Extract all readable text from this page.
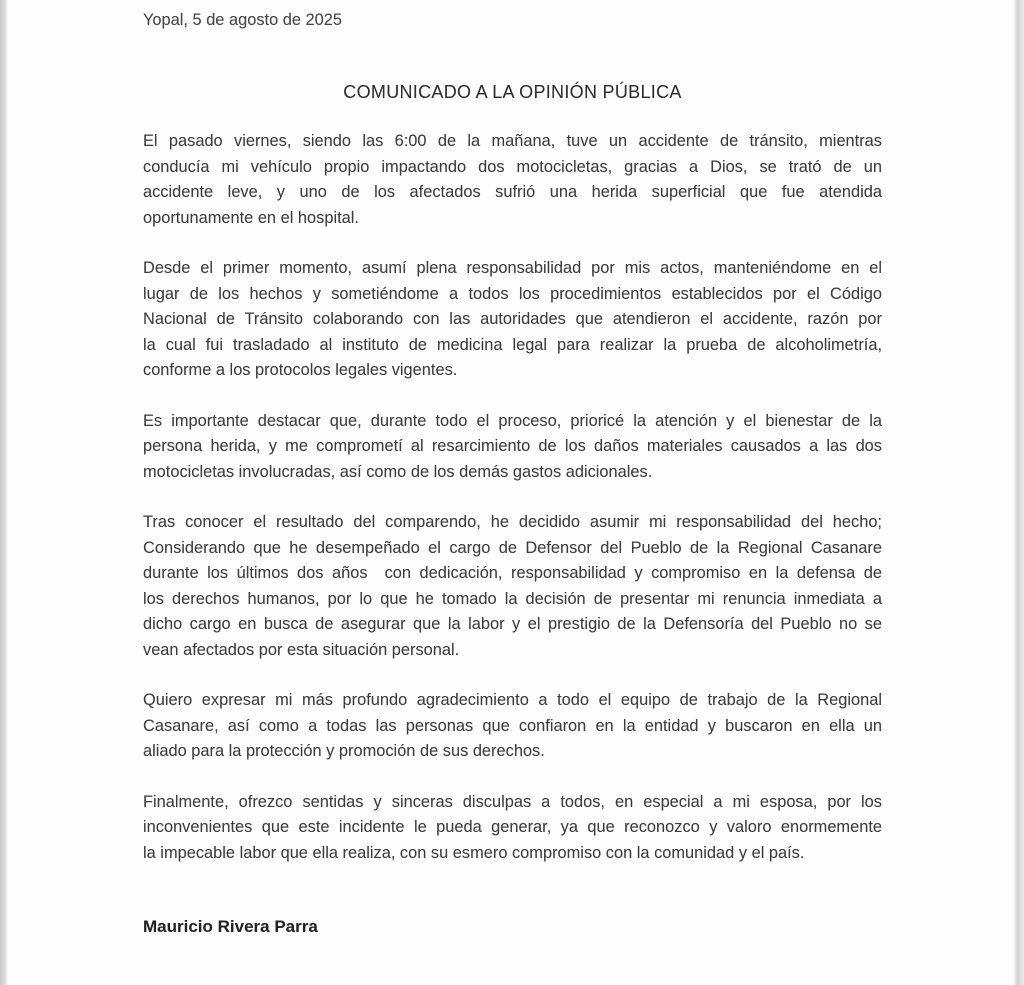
Yopal, 5 de agosto de 2025
COMUNICADO A LA OPINIÓN PÚBLICA
El pasado viernes, siendo las 6:00 de la mañana, tuve un accidente de tránsito, mientras
conducía mi vehículo propio impactando dos motocicletas, gracias a Dios, se trató de un
accidente leve, y uno de los afectados sufrió una herida superficial que fue atendida
oportunamente en el hospital.
Desde el primer momento, asumí plena responsabilidad por mis actos, manteniéndome en el
lugar de los hechos y sometiéndome a todos los procedimientos establecidos por el Código
Nacional de Tránsito colaborando con las autoridades que atendieron el accidente, razón por
la cual fui trasladado al instituto de medicina legal para realizar la prueba de alcoholimetría,
conforme a los protocolos legales vigentes.
Es importante destacar que, durante todo el proceso, prioricé la atención y el bienestar de la
persona herida, y me comprometí al resarcimiento de los daños materiales causados a las dos
motocicletas involucradas, así como de los demás gastos adicionales.
Tras conocer el resultado del comparendo, he decidido asumir mi responsabilidad del hecho;
Considerando que he desempeñado el cargo de Defensor del Pueblo de la Regional Casanare
durante los últimos dos años  con dedicación, responsabilidad y compromiso en la defensa de
los derechos humanos, por lo que he tomado la decisión de presentar mi renuncia inmediata a
dicho cargo en busca de asegurar que la labor y el prestigio de la Defensoría del Pueblo no se
vean afectados por esta situación personal.
Quiero expresar mi más profundo agradecimiento a todo el equipo de trabajo de la Regional
Casanare, así como a todas las personas que confiaron en la entidad y buscaron en ella un
aliado para la protección y promoción de sus derechos.
Finalmente, ofrezco sentidas y sinceras disculpas a todos, en especial a mi esposa, por los
inconvenientes que este incidente le pueda generar, ya que reconozco y valoro enormemente
la impecable labor que ella realiza, con su esmero compromiso con la comunidad y el país.
Mauricio Rivera Parra
